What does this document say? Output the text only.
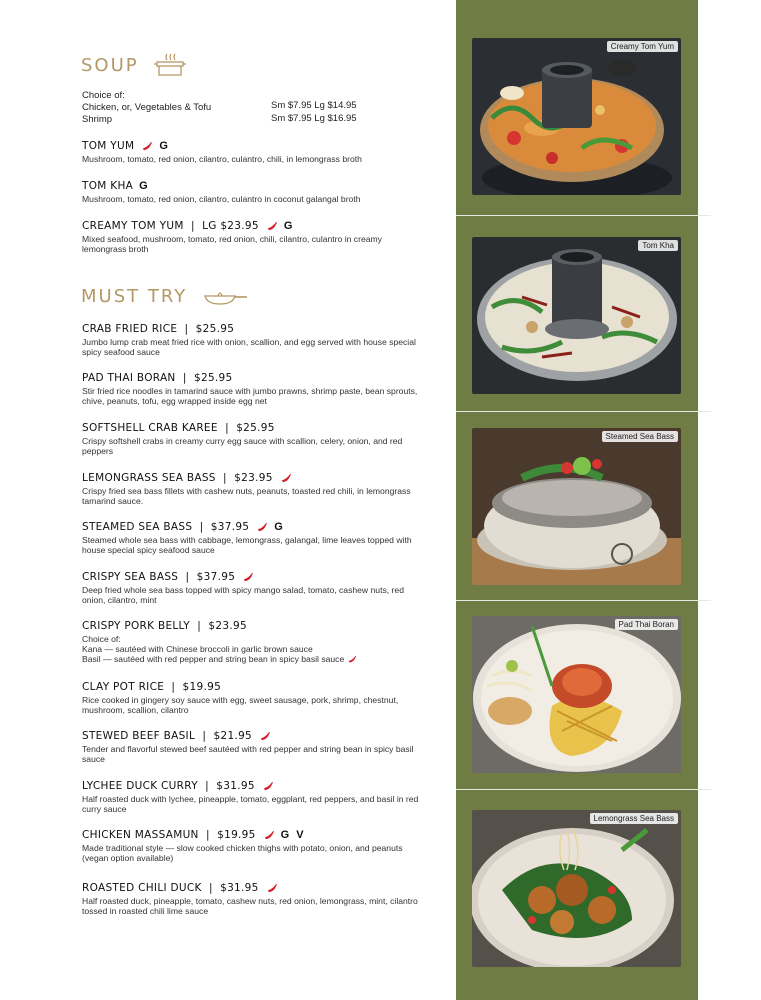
SOUP
Choice of:
Chicken, or, Vegetables & Tofu
Shrimp
Sm $7.95 Lg $14.95
Sm $7.95 Lg $16.95
TOM YUM G
Mushroom, tomato, red onion, cilantro, culantro, chili, in lemongrass broth
TOM KHA G
Mushroom, tomato, red onion, cilantro, culantro in coconut galangal broth
CREAMY TOM YUM |  LG $23.95 G
Mixed seafood, mushroom, tomato, red onion, chili, cilantro, culantro in creamy lemongrass broth
MUST TRY
CRAB FRIED RICE |  $25.95
Jumbo lump crab meat fried rice with onion, scallion, and egg served with house special spicy seafood sauce
PAD THAI BORAN |  $25.95
Stir fried rice noodles in tamarind sauce with jumbo prawns, shrimp paste, bean sprouts, chive, peanuts, tofu, egg wrapped inside egg net
SOFTSHELL CRAB KAREE |  $25.95
Crispy softshell crabs in creamy curry egg sauce with scallion, celery, onion, and red peppers
LEMONGRASS SEA BASS |  $23.95
Crispy fried sea bass fillets with cashew nuts, peanuts, toasted red chili, in lemongrass tamarind sauce.
STEAMED SEA BASS |  $37.95 G
Steamed whole sea bass with cabbage, lemongrass, galangal, lime leaves topped with house special spicy seafood sauce
CRISPY SEA BASS |  $37.95
Deep fried whole sea bass topped with spicy mango salad, tomato, cashew nuts, red onion, cilantro, mint
CRISPY PORK BELLY |  $23.95
Choice of:
Kana — sautéed with Chinese broccoli in garlic brown sauce
Basil — sautéed with red pepper and string bean in spicy basil sauce
CLAY POT RICE |  $19.95
Rice cooked in gingery soy sauce with egg, sweet sausage, pork, shrimp, chestnut, mushroom, scallion, cilantro
STEWED BEEF BASIL |  $21.95
Tender and flavorful stewed beef sautéed with red pepper and string bean in spicy basil sauce
LYCHEE DUCK CURRY |  $31.95
Half roasted duck with lychee, pineapple, tomato, eggplant, red peppers, and basil in red curry sauce
CHICKEN MASSAMUN |  $19.95 G  V
Made traditional style — slow cooked chicken thighs with potato, onion, and peanuts (vegan option available)
ROASTED CHILI DUCK |  $31.95
Half roasted duck, pineapple, tomato, cashew nuts, red onion, lemongrass, mint, cilantro tossed in roasted chili lime sauce
Creamy Tom Yum
Tom Kha
Steamed Sea Bass
Pad Thai Boran
Lemongrass Sea Bass
